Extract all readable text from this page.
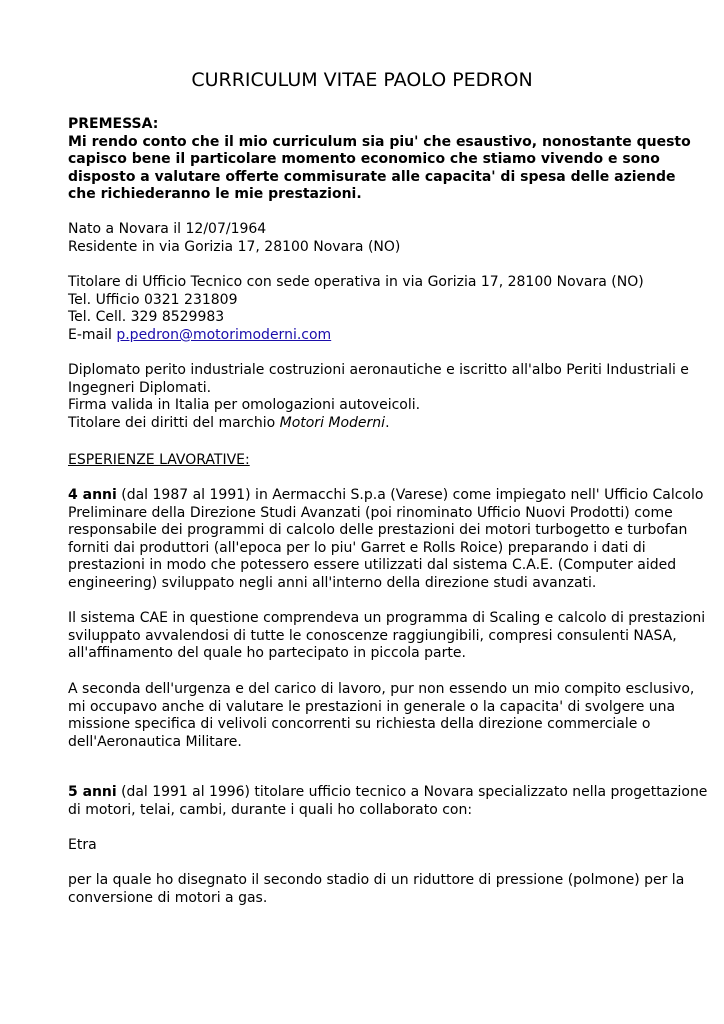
CURRICULUM VITAE PAOLO PEDRON
PREMESSA:
Mi rendo conto che il mio curriculum sia piu' che esaustivo, nonostante questo
capisco bene il particolare momento economico che stiamo vivendo e sono
disposto a valutare offerte commisurate alle capacita' di spesa delle aziende
che richiederanno le mie prestazioni.
Nato a Novara il 12/07/1964
Residente in via Gorizia 17, 28100 Novara (NO)
Titolare di Ufficio Tecnico con sede operativa in via Gorizia 17, 28100 Novara (NO)
Tel. Ufficio 0321 231809
Tel. Cell. 329 8529983
E-mail p.pedron@motorimoderni.com
Diplomato perito industriale costruzioni aeronautiche e iscritto all'albo Periti Industriali e
Ingegneri Diplomati.
Firma valida in Italia per omologazioni autoveicoli.
Titolare dei diritti del marchio Motori Moderni.
ESPERIENZE LAVORATIVE:
4 anni (dal 1987 al 1991) in Aermacchi S.p.a (Varese) come impiegato nell' Ufficio Calcolo
Preliminare della Direzione Studi Avanzati (poi rinominato Ufficio Nuovi Prodotti) come
responsabile dei programmi di calcolo delle prestazioni dei motori turbogetto e turbofan
forniti dai produttori (all'epoca per lo piu' Garret e Rolls Roice) preparando i dati di
prestazioni in modo che potessero essere utilizzati dal sistema C.A.E. (Computer aided
engineering) sviluppato negli anni all'interno della direzione studi avanzati.
Il sistema CAE in questione comprendeva un programma di Scaling e calcolo di prestazioni
sviluppato avvalendosi di tutte le conoscenze raggiungibili, compresi consulenti NASA,
all'affinamento del quale ho partecipato in piccola parte.
A seconda dell'urgenza e del carico di lavoro, pur non essendo un mio compito esclusivo,
mi occupavo anche di valutare le prestazioni in generale o la capacita' di svolgere una
missione specifica di velivoli concorrenti su richiesta della direzione commerciale o
dell'Aeronautica Militare.
5 anni (dal 1991 al 1996) titolare ufficio tecnico a Novara specializzato nella progettazione
di motori, telai, cambi, durante i quali ho collaborato con:
Etra
per la quale ho disegnato il secondo stadio di un riduttore di pressione (polmone) per la
conversione di motori a gas.
